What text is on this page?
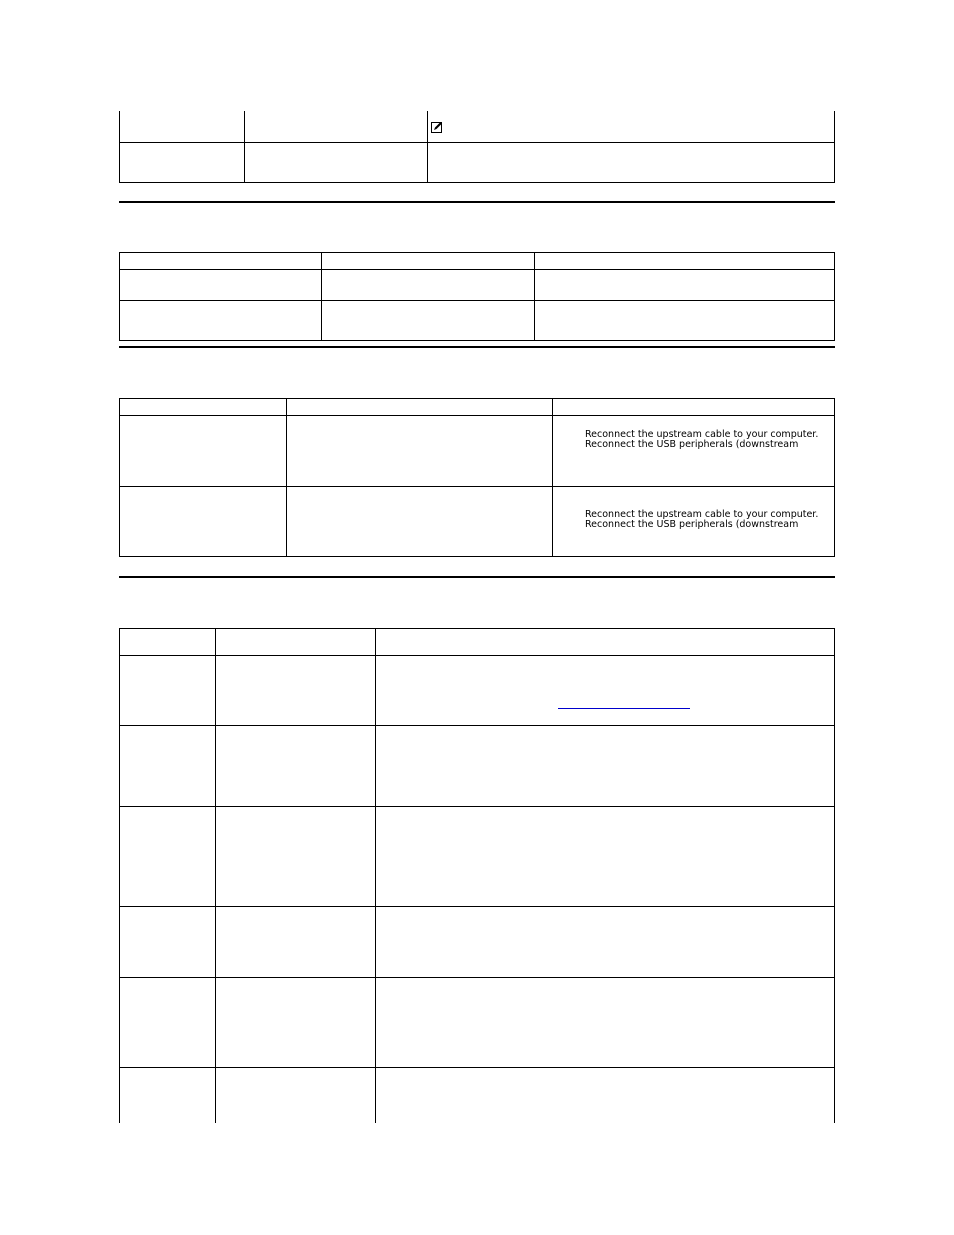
		Reconnect the upstream cable to your computer.
Reconnect the USB peripherals (downstream

		Reconnect the upstream cable to your computer.
Reconnect the USB peripherals (downstream
